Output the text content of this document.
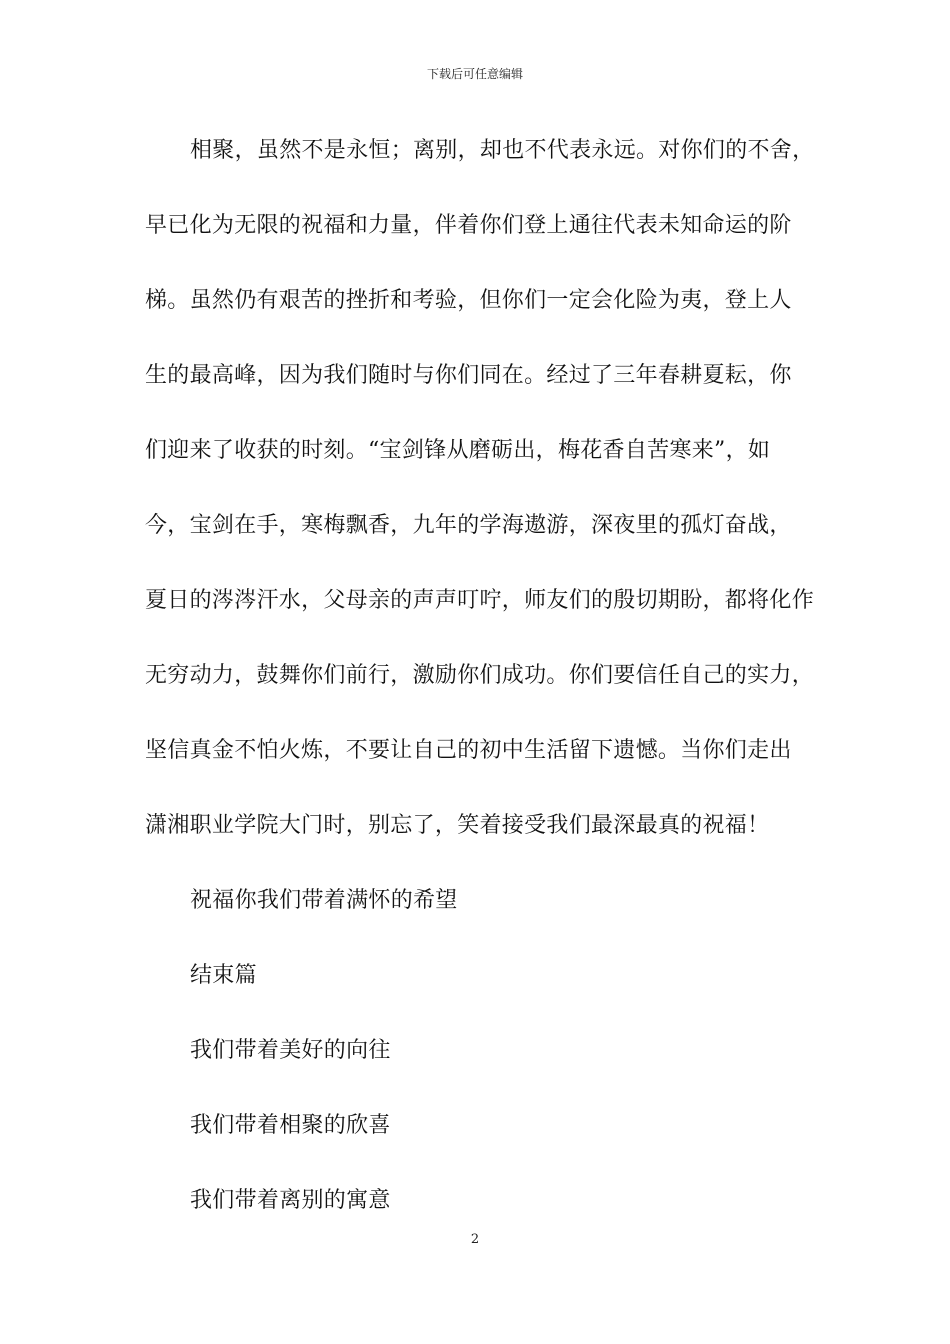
下载后可任意编辑
相聚，虽然不是永恒；离别，却也不代表永远。对你们的不舍，
早已化为无限的祝福和力量，伴着你们登上通往代表未知命运的阶
梯。虽然仍有艰苦的挫折和考验，但你们一定会化险为夷，登上人
生的最高峰，因为我们随时与你们同在。经过了三年春耕夏耘，你
们迎来了收获的时刻。“宝剑锋从磨砺出，梅花香自苦寒来”，如
今，宝剑在手，寒梅飘香，九年的学海遨游，深夜里的孤灯奋战，
夏日的涔涔汗水，父母亲的声声叮咛，师友们的殷切期盼，都将化作
无穷动力，鼓舞你们前行，激励你们成功。你们要信任自己的实力，
坚信真金不怕火炼，不要让自己的初中生活留下遗憾。当你们走出
潇湘职业学院大门时，别忘了，笑着接受我们最深最真的祝福！
祝福你我们带着满怀的希望
结束篇
我们带着美好的向往
我们带着相聚的欣喜
我们带着离别的寓意
2
